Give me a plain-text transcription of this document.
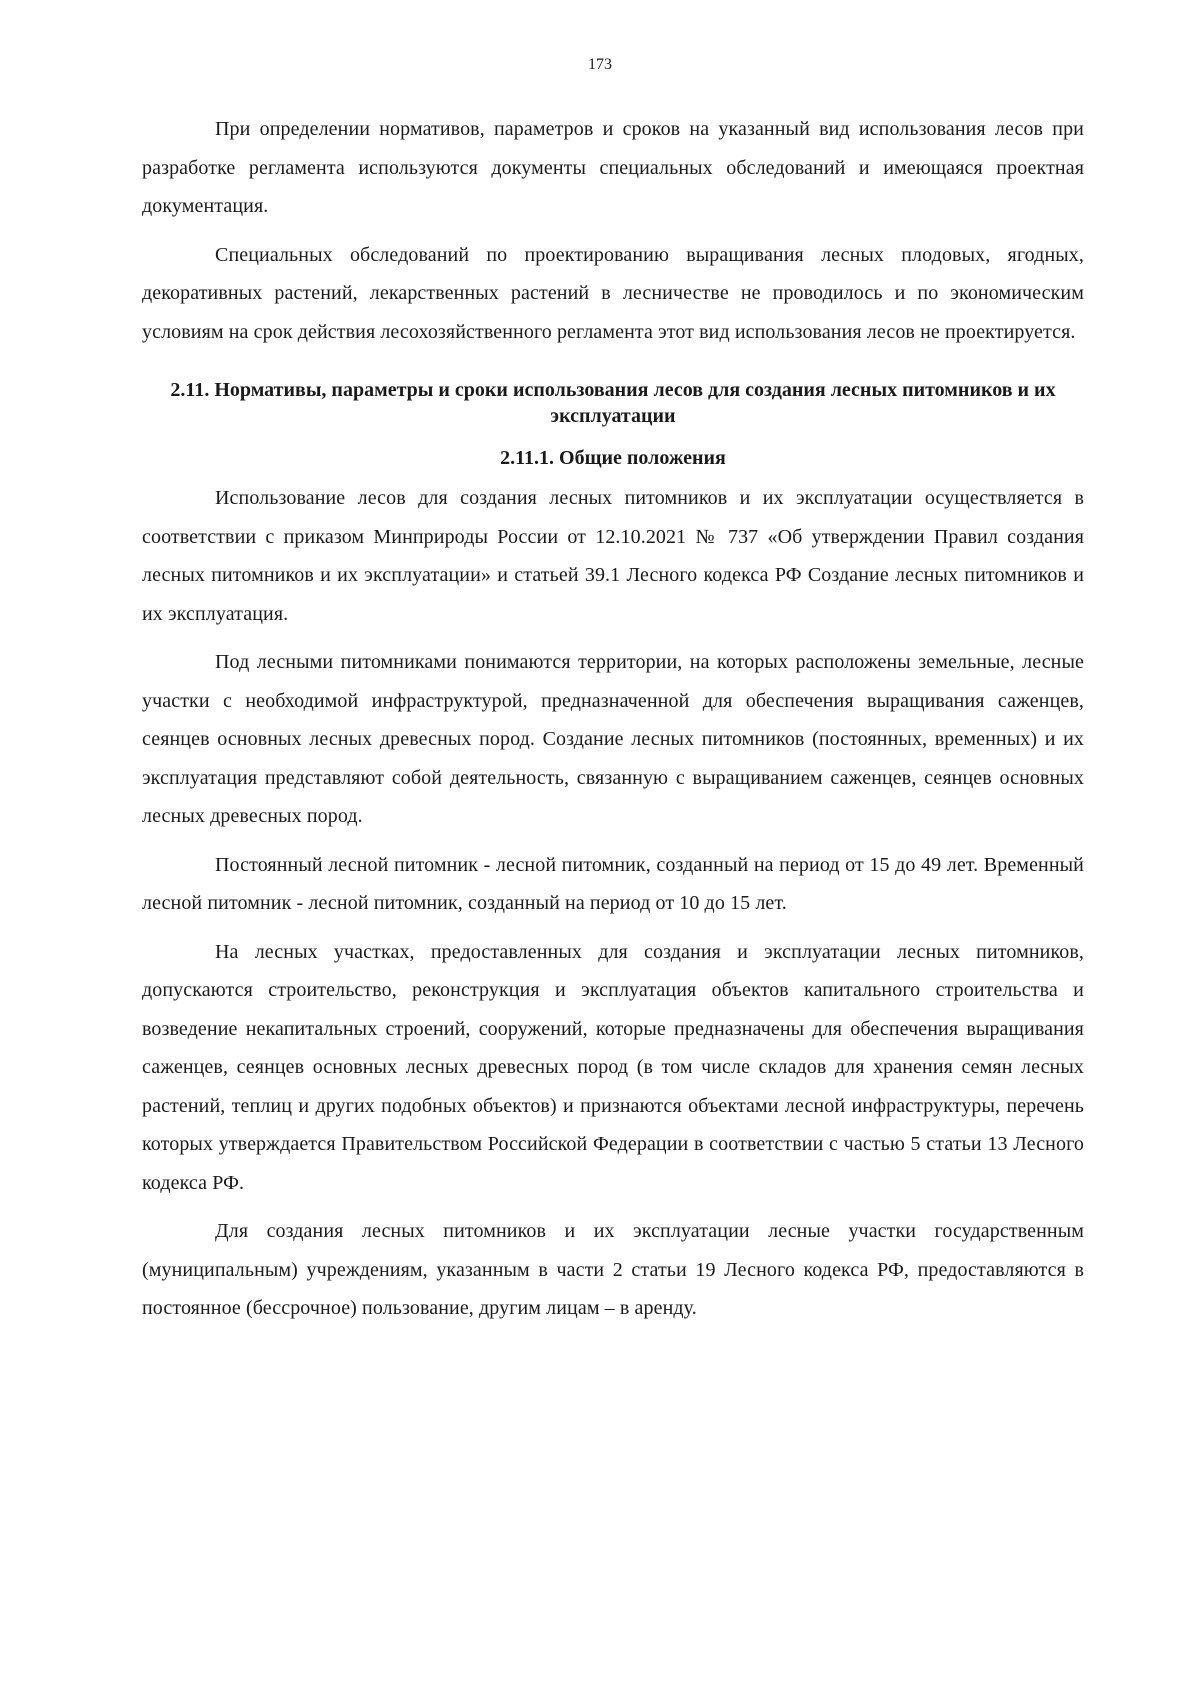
173

При определении нормативов, параметров и сроков на указанный вид использования лесов при разработке регламента используются документы специальных обследований и имеющаяся проектная документация.

Специальных обследований по проектированию выращивания лесных плодовых, ягодных, декоративных растений, лекарственных растений в лесничестве не проводилось и по экономическим условиям на срок действия лесохозяйственного регламента этот вид использования лесов не проектируется.

2.11. Нормативы, параметры и сроки использования лесов для создания лесных питомников и их эксплуатации
2.11.1. Общие положения

Использование лесов для создания лесных питомников и их эксплуатации осуществляется в соответствии с приказом Минприроды России от 12.10.2021 № 737 «Об утверждении Правил создания лесных питомников и их эксплуатации» и статьей 39.1 Лесного кодекса РФ Создание лесных питомников и их эксплуатация.

Под лесными питомниками понимаются территории, на которых расположены земельные, лесные участки с необходимой инфраструктурой, предназначенной для обеспечения выращивания саженцев, сеянцев основных лесных древесных пород. Создание лесных питомников (постоянных, временных) и их эксплуатация представляют собой деятельность, связанную с выращиванием саженцев, сеянцев основных лесных древесных пород.

Постоянный лесной питомник - лесной питомник, созданный на период от 15 до 49 лет. Временный лесной питомник - лесной питомник, созданный на период от 10 до 15 лет.

На лесных участках, предоставленных для создания и эксплуатации лесных питомников, допускаются строительство, реконструкция и эксплуатация объектов капитального строительства и возведение некапитальных строений, сооружений, которые предназначены для обеспечения выращивания саженцев, сеянцев основных лесных древесных пород (в том числе складов для хранения семян лесных растений, теплиц и других подобных объектов) и признаются объектами лесной инфраструктуры, перечень которых утверждается Правительством Российской Федерации в соответствии с частью 5 статьи 13 Лесного кодекса РФ.

Для создания лесных питомников и их эксплуатации лесные участки государственным (муниципальным) учреждениям, указанным в части 2 статьи 19 Лесного кодекса РФ, предоставляются в постоянное (бессрочное) пользование, другим лицам – в аренду.
